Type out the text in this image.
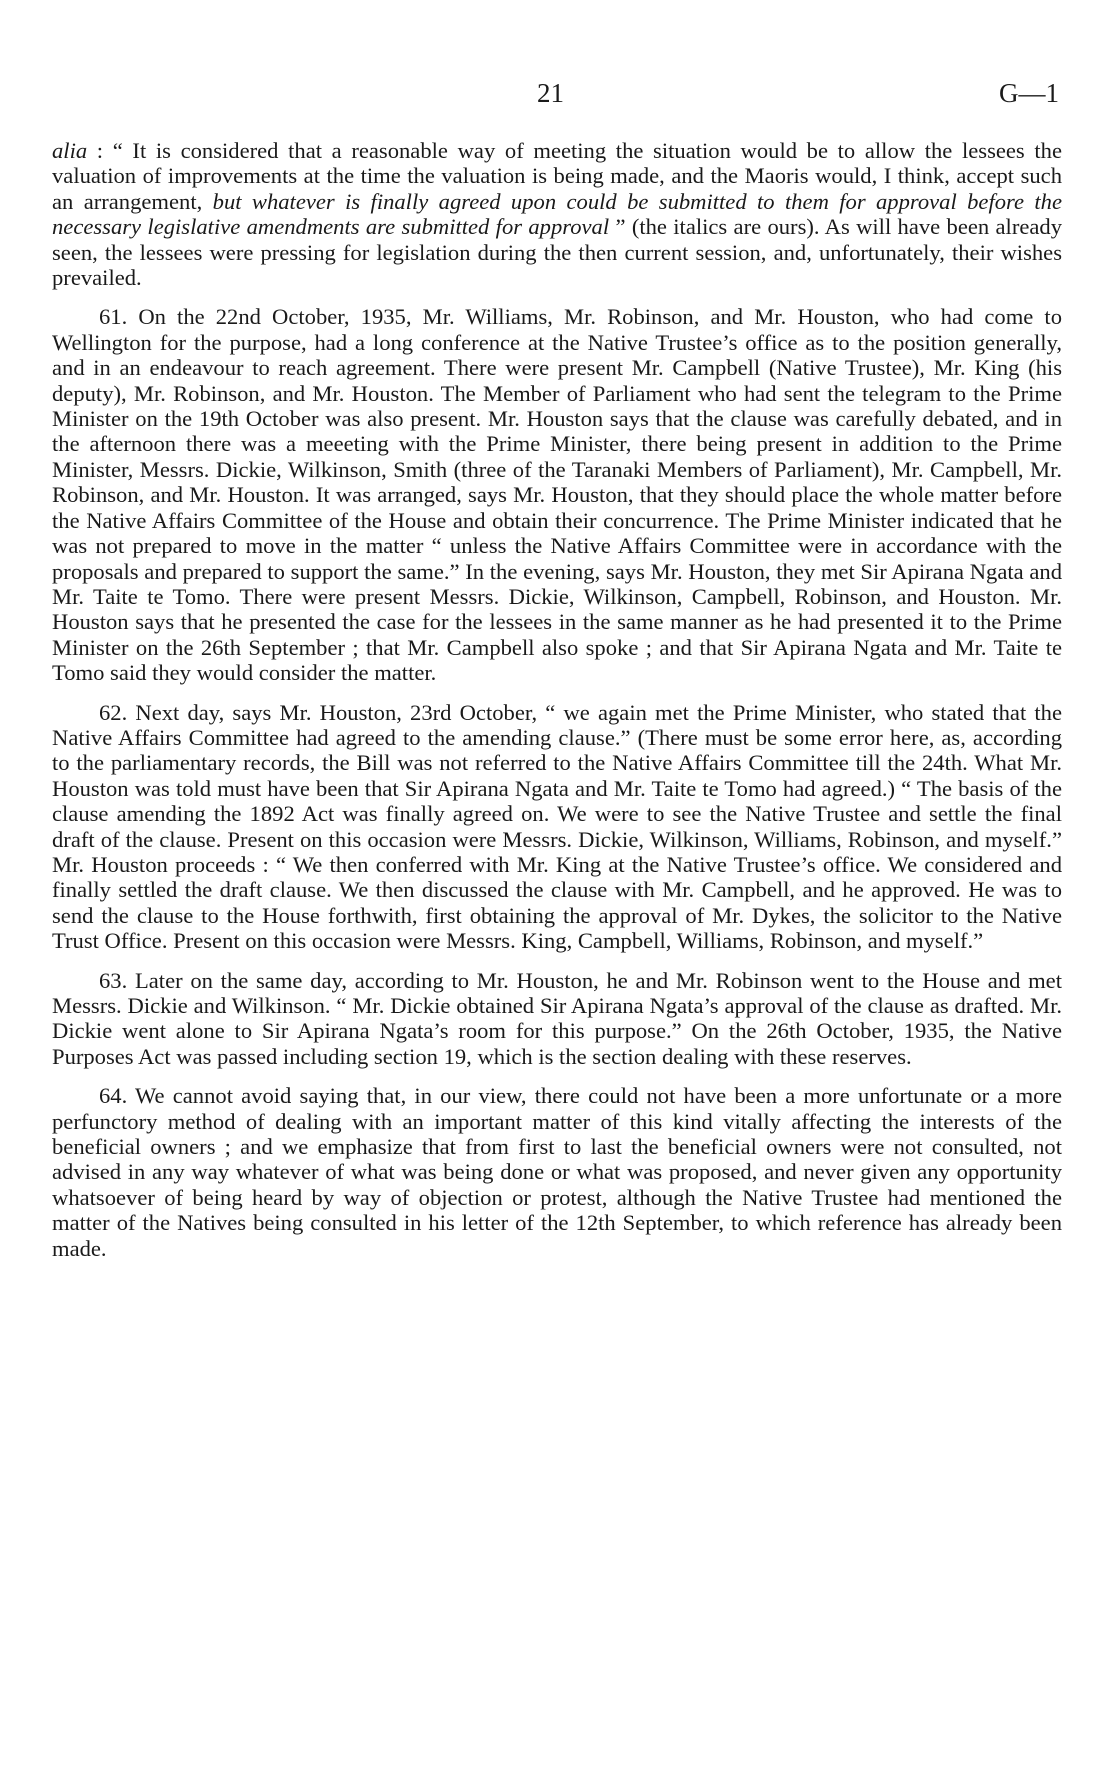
21	G—1

alia : “ It is considered that a reasonable way of meeting the situation would be to allow the lessees the valuation of improvements at the time the valuation is being made, and the Maoris would, I think, accept such an arrangement, but whatever is finally agreed upon could be submitted to them for approval before the necessary legislative amendments are submitted for approval ” (the italics are ours). As will have been already seen, the lessees were pressing for legislation during the then current session, and, unfortunately, their wishes prevailed.

61. On the 22nd October, 1935, Mr. Williams, Mr. Robinson, and Mr. Houston, who had come to Wellington for the purpose, had a long conference at the Native Trustee’s office as to the position generally, and in an endeavour to reach agreement. There were present Mr. Campbell (Native Trustee), Mr. King (his deputy), Mr. Robinson, and Mr. Houston. The Member of Parliament who had sent the telegram to the Prime Minister on the 19th October was also present. Mr. Houston says that the clause was carefully debated, and in the afternoon there was a meeeting with the Prime Minister, there being present in addition to the Prime Minister, Messrs. Dickie, Wilkinson, Smith (three of the Taranaki Members of Parliament), Mr. Campbell, Mr. Robinson, and Mr. Houston. It was arranged, says Mr. Houston, that they should place the whole matter before the Native Affairs Committee of the House and obtain their concurrence. The Prime Minister indicated that he was not prepared to move in the matter “ unless the Native Affairs Committee were in accordance with the proposals and prepared to support the same.” In the evening, says Mr. Houston, they met Sir Apirana Ngata and Mr. Taite te Tomo. There were present Messrs. Dickie, Wilkinson, Campbell, Robinson, and Houston. Mr. Houston says that he presented the case for the lessees in the same manner as he had presented it to the Prime Minister on the 26th September ; that Mr. Campbell also spoke ; and that Sir Apirana Ngata and Mr. Taite te Tomo said they would consider the matter.

62. Next day, says Mr. Houston, 23rd October, “ we again met the Prime Minister, who stated that the Native Affairs Committee had agreed to the amending clause.” (There must be some error here, as, according to the parliamentary records, the Bill was not referred to the Native Affairs Committee till the 24th. What Mr. Houston was told must have been that Sir Apirana Ngata and Mr. Taite te Tomo had agreed.) “ The basis of the clause amending the 1892 Act was finally agreed on. We were to see the Native Trustee and settle the final draft of the clause. Present on this occasion were Messrs. Dickie, Wilkinson, Williams, Robinson, and myself.” Mr. Houston proceeds : “ We then conferred with Mr. King at the Native Trustee’s office. We considered and finally settled the draft clause. We then discussed the clause with Mr. Campbell, and he approved. He was to send the clause to the House forthwith, first obtaining the approval of Mr. Dykes, the solicitor to the Native Trust Office. Present on this occasion were Messrs. King, Campbell, Williams, Robinson, and myself.”

63. Later on the same day, according to Mr. Houston, he and Mr. Robinson went to the House and met Messrs. Dickie and Wilkinson. “ Mr. Dickie obtained Sir Apirana Ngata’s approval of the clause as drafted. Mr. Dickie went alone to Sir Apirana Ngata’s room for this purpose.” On the 26th October, 1935, the Native Purposes Act was passed including section 19, which is the section dealing with these reserves.

64. We cannot avoid saying that, in our view, there could not have been a more unfortunate or a more perfunctory method of dealing with an important matter of this kind vitally affecting the interests of the beneficial owners ; and we emphasize that from first to last the beneficial owners were not consulted, not advised in any way whatever of what was being done or what was proposed, and never given any opportunity whatsoever of being heard by way of objection or protest, although the Native Trustee had mentioned the matter of the Natives being consulted in his letter of the 12th September, to which reference has already been made.
